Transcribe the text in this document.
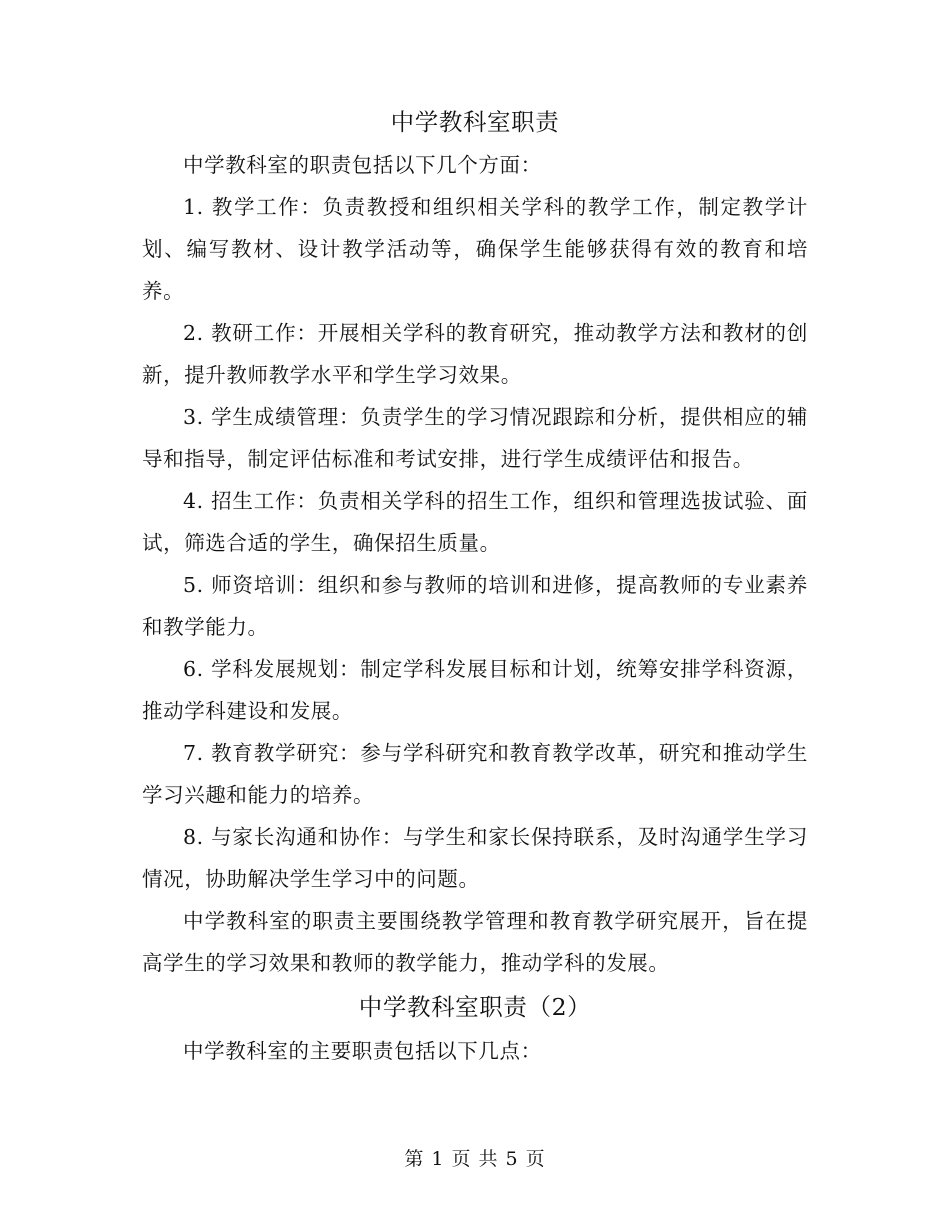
中学教科室职责

中学教科室的职责包括以下几个方面：

1. 教学工作：负责教授和组织相关学科的教学工作，制定教学计划、编写教材、设计教学活动等，确保学生能够获得有效的教育和培养。

2. 教研工作：开展相关学科的教育研究，推动教学方法和教材的创新，提升教师教学水平和学生学习效果。

3. 学生成绩管理：负责学生的学习情况跟踪和分析，提供相应的辅导和指导，制定评估标准和考试安排，进行学生成绩评估和报告。

4. 招生工作：负责相关学科的招生工作，组织和管理选拔试验、面试，筛选合适的学生，确保招生质量。

5. 师资培训：组织和参与教师的培训和进修，提高教师的专业素养和教学能力。

6. 学科发展规划：制定学科发展目标和计划，统筹安排学科资源，推动学科建设和发展。

7. 教育教学研究：参与学科研究和教育教学改革，研究和推动学生学习兴趣和能力的培养。

8. 与家长沟通和协作：与学生和家长保持联系，及时沟通学生学习情况，协助解决学生学习中的问题。

中学教科室的职责主要围绕教学管理和教育教学研究展开，旨在提高学生的学习效果和教师的教学能力，推动学科的发展。

中学教科室职责（2）

中学教科室的主要职责包括以下几点：

第 1 页 共 5 页
